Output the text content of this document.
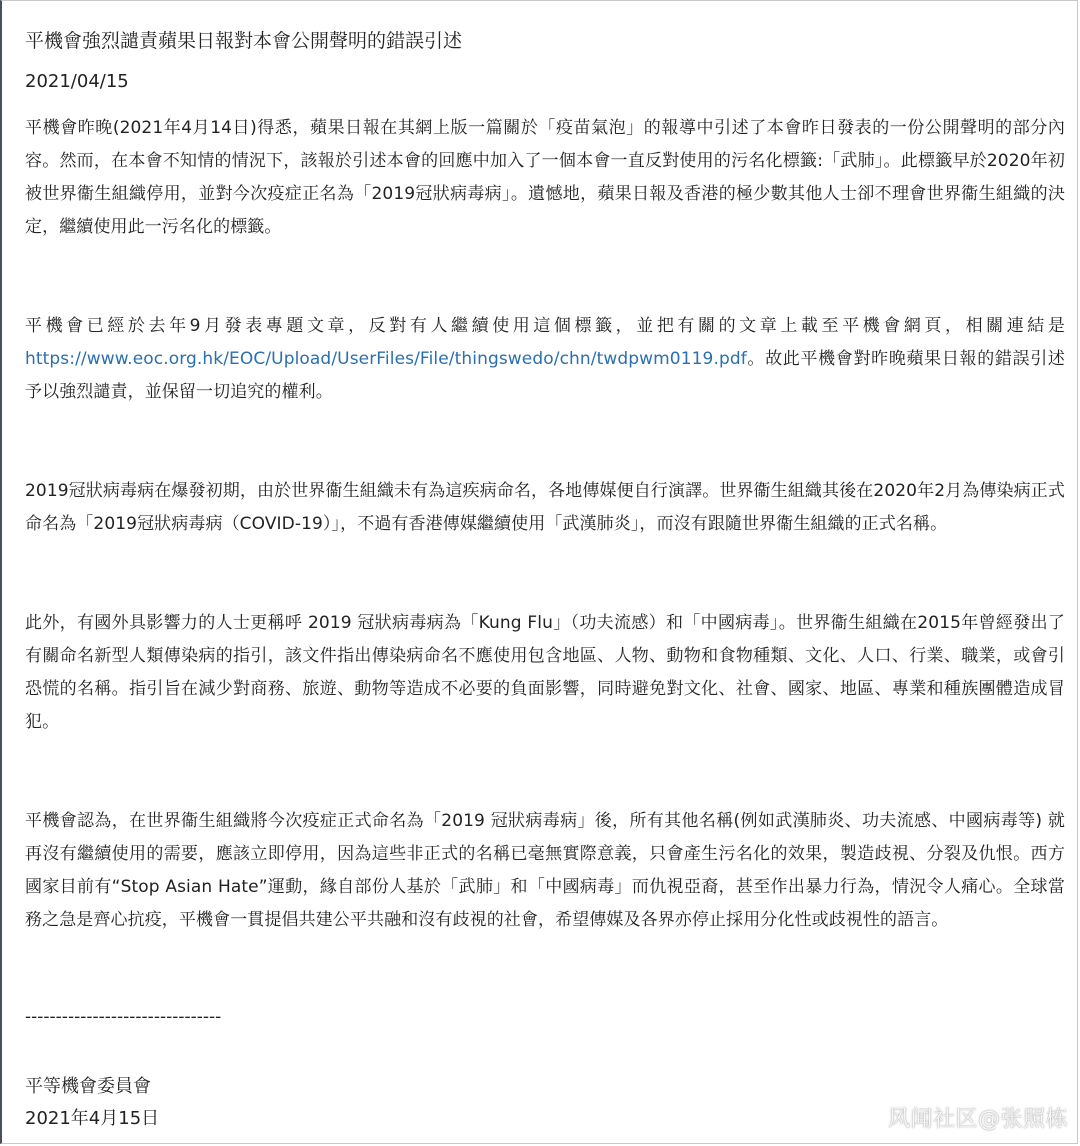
平機會強烈譴責蘋果日報對本會公開聲明的錯誤引述
2021/04/15
平機會昨晚(2021年4月14日)得悉，蘋果日報在其網上版一篇關於「疫苗氣泡」的報導中引述了本會昨日發表的一份公開聲明的部分內容。然而，在本會不知情的情況下，該報於引述本會的回應中加入了一個本會一直反對使用的污名化標籤:「武肺」。此標籤早於2020年初被世界衞生組織停用，並對今次疫症正名為「2019冠狀病毒病」。遺憾地，蘋果日報及香港的極少數其他人士卻不理會世界衞生組織的決定，繼續使用此一污名化的標籤。
平機會已經於去年9月發表專題文章，反對有人繼續使用這個標籤，並把有關的文章上載至平機會網頁，相關連結是https://www.eoc.org.hk/EOC/Upload/UserFiles/File/thingswedo/chn/twdpwm0119.pdf。故此平機會對昨晚蘋果日報的錯誤引述予以強烈譴責，並保留一切追究的權利。
2019冠狀病毒病在爆發初期，由於世界衞生組織未有為這疾病命名，各地傳媒便自行演譯。世界衞生組織其後在2020年2月為傳染病正式命名為「2019冠狀病毒病（COVID-19）」，不過有香港傳媒繼續使用「武漢肺炎」，而沒有跟隨世界衞生組織的正式名稱。
此外，有國外具影響力的人士更稱呼 2019 冠狀病毒病為「Kung Flu」（功夫流感）和「中國病毒」。世界衞生組織在2015年曾經發出了有關命名新型人類傳染病的指引，該文件指出傳染病命名不應使用包含地區、人物、動物和食物種類、文化、人口、行業、職業，或會引恐慌的名稱。指引旨在減少對商務、旅遊、動物等造成不必要的負面影響，同時避免對文化、社會、國家、地區、專業和種族團體造成冒犯。
平機會認為，在世界衞生組織將今次疫症正式命名為「2019 冠狀病毒病」後，所有其他名稱(例如武漢肺炎、功夫流感、中國病毒等) 就再沒有繼續使用的需要，應該立即停用，因為這些非正式的名稱已毫無實際意義，只會產生污名化的效果，製造歧視、分裂及仇恨。西方國家目前有“Stop Asian Hate”運動，緣自部份人基於「武肺」和「中國病毒」而仇視亞裔，甚至作出暴力行為，情況令人痛心。全球當務之急是齊心抗疫，平機會一貫提倡共建公平共融和沒有歧視的社會，希望傳媒及各界亦停止採用分化性或歧視性的語言。
--------------------------------
平等機會委員會
2021年4月15日	风闻社区@张照栋
